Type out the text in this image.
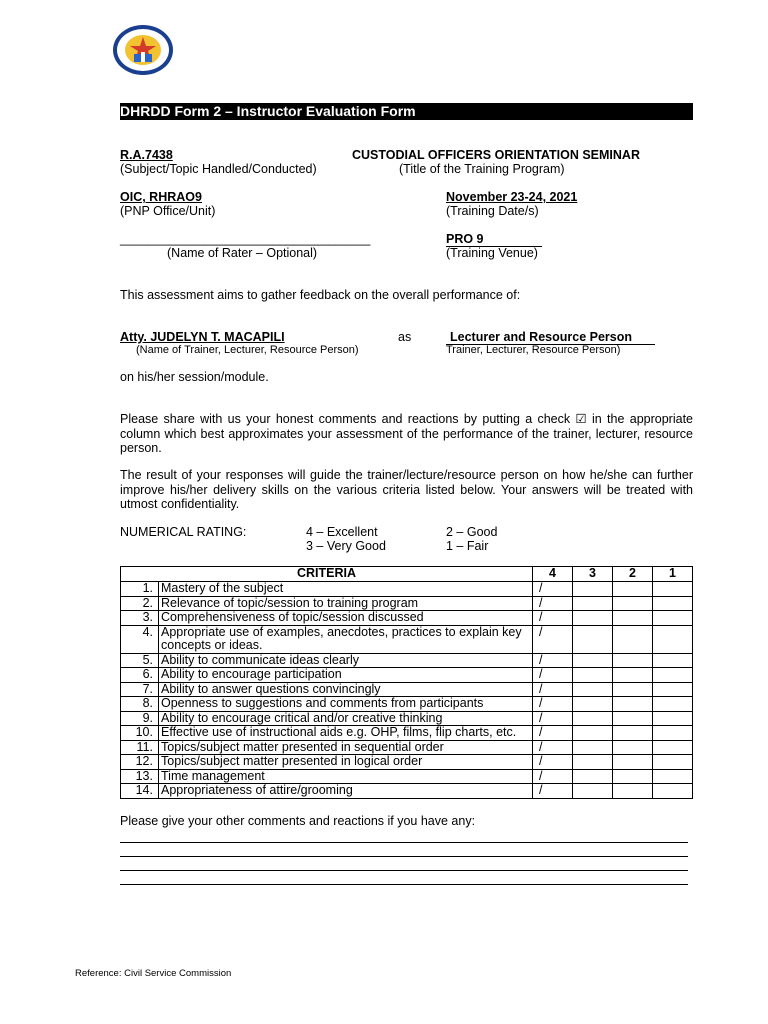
DHRDD Form 2 – Instructor Evaluation Form
R.A.7438
(Subject/Topic Handled/Conducted)
CUSTODIAL OFFICERS ORIENTATION SEMINAR
(Title of the Training Program)
OIC, RHRAO9
(PNP Office/Unit)
November 23-24, 2021
(Training Date/s)
____________________________________
(Name of Rater – Optional)
PRO 9
(Training Venue)
This assessment aims to gather feedback on the overall performance of:
Atty. JUDELYN T. MACAPILI
(Name of Trainer, Lecturer, Resource Person)
as	Lecturer and Resource Person
Trainer, Lecturer, Resource Person)
on his/her session/module.
Please share with us your honest comments and reactions by putting a check ☑ in the appropriate column which best approximates your assessment of the performance of the trainer, lecturer, resource person.
The result of your responses will guide the trainer/lecture/resource person on how he/she can further improve his/her delivery skills on the various criteria listed below. Your answers will be treated with utmost confidentiality.
NUMERICAL RATING:	4 – Excellent
3 – Very Good
2 – Good
1 – Fair
CRITERIA		4	3	2	1
1.	Mastery of the subject	/			
2.	Relevance of topic/session to training program	/			
3.	Comprehensiveness of topic/session discussed	/			
4.	Appropriate use of examples, anecdotes, practices to explain key concepts or ideas.	/			
5.	Ability to communicate ideas clearly	/			
6.	Ability to encourage participation	/			
7.	Ability to answer questions convincingly	/			
8.	Openness to suggestions and comments from participants	/			
9.	Ability to encourage critical and/or creative thinking	/			
10.	Effective use of instructional aids e.g. OHP, films, flip charts, etc.	/			
11.	Topics/subject matter presented in sequential order	/			
12.	Topics/subject matter presented in logical order	/			
13.	Time management	/			
14.	Appropriateness of attire/grooming	/			
Please give your other comments and reactions if you have any:
Reference: Civil Service Commission
